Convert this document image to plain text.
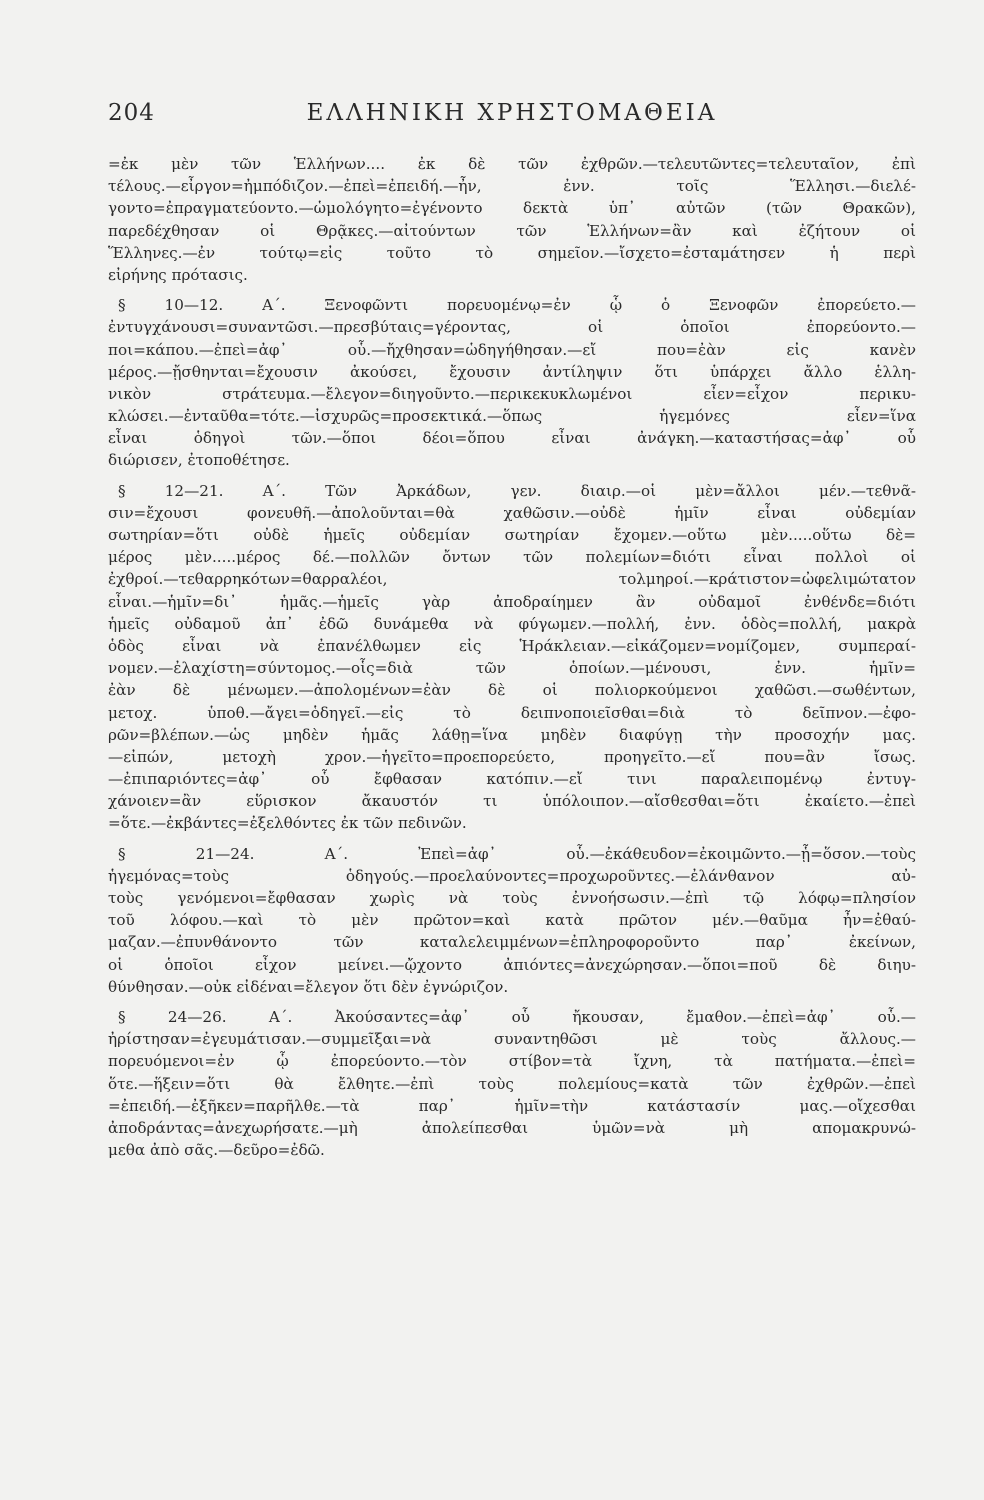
204	ΕΛΛΗΝΙΚΗ ΧΡΗΣΤΟΜΑΘΕΙΑ
=ἐκ μὲν τῶν Ἑλλήνων.... ἐκ δὲ τῶν ἐχθρῶν.—τελευτῶντες=τελευταῖον, ἐπὶ
τέλους.—εἶργον=ἠμπόδιζον.—ἐπεὶ=ἐπειδή.—ἦν, ἐνν. τοῖς Ἕλλησι.—διελέ-
γοντο=ἐπραγματεύοντο.—ὡμολόγητο=ἐγένοντο δεκτὰ ὑπ᾽ αὐτῶν (τῶν Θρακῶν),
παρεδέχθησαν οἱ Θρᾷκες.—αἰτούντων τῶν Ἑλλήνων=ἂν καὶ ἐζήτουν οἱ
Ἕλληνες.—ἐν τούτῳ=εἰς τοῦτο τὸ σημεῖον.—ἴσχετο=ἐσταμάτησεν ἡ περὶ
εἰρήνης πρότασις.
§ 10—12. Α΄. Ξενοφῶντι πορευομένῳ=ἐν ᾧ ὁ Ξενοφῶν ἐπορεύετο.—
ἐντυγχάνουσι=συναντῶσι.—πρεσβύταις=γέροντας, οἱ ὁποῖοι ἐπορεύοντο.—
ποι=κάπου.—ἐπεὶ=ἀφ᾽ οὗ.—ἤχθησαν=ὡδηγήθησαν.—εἴ που=ἐὰν εἰς κανὲν
μέρος.—ᾔσθηνται=ἔχουσιν ἀκούσει, ἔχουσιν ἀντίληψιν ὅτι ὑπάρχει ἄλλο ἑλλη-
νικὸν στράτευμα.—ἔλεγον=διηγοῦντο.—περιкεκυκλωμένοι εἶεν=εἶχον περικυ-
κλώσει.—ἐνταῦθα=τότε.—ἰσχυρῶς=προσεκτικά.—ὅπως ἡγεμόνες εἶεν=ἵνα
εἶναι ὁδηγοὶ τῶν.—ὅποι δέοι=ὅπου εἶναι ἀνάγκη.—καταστήσας=ἀφ᾽ οὗ
διώρισεν, ἐτοποθέτησε.
§ 12—21. Α΄. Τῶν Ἀρκάδων, γεν. διαιρ.—οἱ μὲν=ἄλλοι μέν.—τεθνᾶ-
σιν=ἔχουσι φονευθῆ.—ἀπολοῦνται=θὰ χαθῶσιν.—οὐδὲ ἡμῖν εἶναι οὐδεμίαν
σωτηρίαν=ὅτι οὐδὲ ἡμεῖς οὐδεμίαν σωτηρίαν ἔχομεν.—οὕτω μὲν.....οὕτω δὲ=
μέρος μὲν.....μέρος δέ.—πολλῶν ὄντων τῶν πολεμίων=διότι εἶναι πολλοὶ οἱ
ἐχθροί.—τεθαρρηκότων=θαρραλέοι, τολμηροί.—κράτιστον=ὠφελιμώτατον
εἶναι.—ἡμῖν=δι᾽ ἡμᾶς.—ἡμεῖς γὰρ ἀποδραίημεν ἂν οὐδαμοῖ ἐνθένδε=διότι
ἡμεῖς οὐδαμοῦ ἀπ᾽ ἐδῶ δυνάμεθα νὰ φύγωμεν.—πολλή, ἐνν. ὁδὸς=πολλή, μακρὰ
ὁδὸς εἶναι νὰ ἐπανέλθωμεν εἰς Ἡράκλειαν.—εἰκάζομεν=νομίζομεν, συμπεραί-
νομεν.—ἐλαχίστη=σύντομος.—οἷς=διὰ τῶν ὁποίων.—μένουσι, ἐνν. ἡμῖν=
ἐὰν δὲ μένωμεν.—ἀπολομένων=ἐὰν δὲ οἱ πολιορκούμενοι χαθῶσι.—σωθέντων,
μετοχ. ὑποθ.—ἄγει=ὁδηγεῖ.—εἰς τὸ δειπνοποιεῖσθαι=διὰ τὸ δεῖπνον.—ἐφο-
ρῶν=βλέπων.—ὡς μηδὲν ἡμᾶς λάθῃ=ἵνα μηδὲν διαφύγῃ τὴν προσοχήν μας.
—εἰπών, μετοχὴ χρον.—ἡγεῖτο=προεπορεύετο, προηγεῖτο.—εἴ που=ἂν ἴσως.
—ἐπιπαριόντες=ἀφ᾽ οὗ ἔφθασαν κατόπιν.—εἴ τινι παραλειπομένῳ ἐντυγ-
χάνοιεν=ἂν εὕρισκον ἄκαυστόν τι ὑπόλοιπον.—αἴσθεσθαι=ὅτι ἐκαίετο.—ἐπεὶ
=ὅτε.—ἐκβάντες=ἐξελθόντες ἐκ τῶν πεδινῶν.
§ 21—24. Α΄. Ἐπεὶ=ἀφ᾽ οὗ.—ἐκάθευδον=ἐκοιμῶντο.—ᾗ=ὅσον.—τοὺς
ἡγεμόνας=τοὺς ὁδηγούς.—προελαύνοντες=προχωροῦντες.—ἐλάνθανον αὐ-
τοὺς γενόμενοι=ἔφθασαν χωρὶς νὰ τοὺς ἐννοήσωσιν.—ἐπὶ τῷ λόφῳ=πλησίον
τοῦ λόφου.—καὶ τὸ μὲν πρῶτον=καὶ κατὰ πρῶτον μέν.—θαῦμα ἦν=ἐθαύ-
μαζαν.—ἐπυνθάνοντο τῶν καταλελειμμένων=ἐπληροφοροῦντο παρ᾽ ἐκείνων,
οἱ ὁποῖοι εἶχον μείνει.—ᾤχοντο ἀπιόντες=ἀνεχώρησαν.—ὅποι=ποῦ δὲ διηυ-
θύνθησαν.—οὐκ εἰδέναι=ἔλεγον ὅτι δὲν ἐγνώριζον.
§ 24—26. Α΄. Ἀκούσαντες=ἀφ᾽ οὗ ἤκουσαν, ἔμαθον.—ἐπεὶ=ἀφ᾽ οὗ.—
ἠρίστησαν=ἐγευμάτισαν.—συμμεῖξαι=νὰ συναντηθῶσι μὲ τοὺς ἄλλους.—
πορευόμενοι=ἐν ᾧ ἐπορεύοντο.—τὸν στίβον=τὰ ἴχνη, τὰ πατήματα.—ἐπεὶ=
ὅτε.—ἥξειν=ὅτι θὰ ἔλθητε.—ἐπὶ τοὺς πολεμίους=κατὰ τῶν ἐχθρῶν.—ἐπεὶ
=ἐπειδή.—ἐξῆκεν=παρῆλθε.—τὰ παρ᾽ ἡμῖν=τὴν κατάστασίν μας.—οἴχεσθαι
ἀποδράντας=ἀνεχωρήσατε.—μὴ ἀπολείπεσθαι ὑμῶν=νὰ μὴ απομακρυνώ-
μεθα ἀπὸ σᾶς.—δεῦρο=ἐδῶ.
